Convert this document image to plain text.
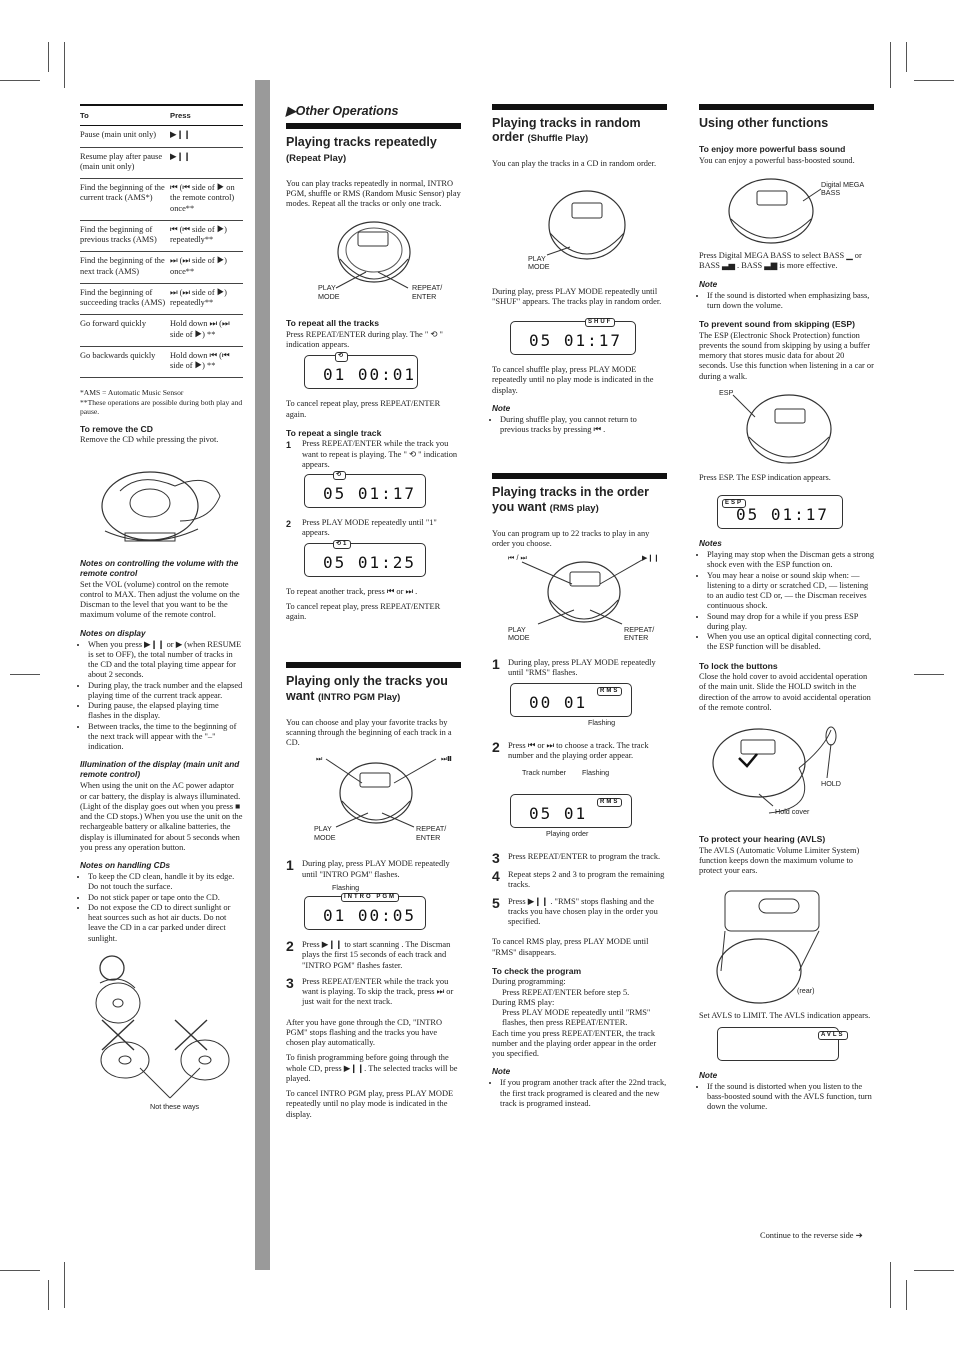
To	Press
Pause (main unit only)	▶❙❙
Resume play after pause (main unit only)	▶❙❙
Find the beginning of the current track (AMS*)	⏮ (⏮ side of ▶ on the remote control) once**
Find the beginning of previous tracks (AMS)	⏮ (⏮ side of ▶) repeatedly**
Find the beginning of the next track (AMS)	⏭ (⏭ side of ▶) once**
Find the beginning of succeeding tracks (AMS)	⏭ (⏭ side of ▶) repeatedly**
Go forward quickly	Hold down ⏭ (⏭ side of ▶) **
Go backwards quickly	Hold down ⏮ (⏮ side of ▶) **

*AMS = Automatic Music Sensor

**These operations are possible during both play and pause.

To remove the CD

Remove the CD while pressing the pivot.

Notes on controlling the volume with the remote control

Set the VOL (volume) control on the remote control to MAX. Then adjust the volume on the Discman to the level that you want to be the maximum volume of the remote control.

Notes on display
• When you press ▶❙❙ or ▶ (when RESUME is set to OFF), the total number of tracks in the CD and the total playing time appear for about 2 seconds.
• During play, the track number and the elapsed playing time of the current track appear.
• During pause, the elapsed playing time flashes in the display.
• Between tracks, the time to the beginning of the next track will appear with the "–" indication.
Illumination of the display (main unit and remote control)

When using the unit on the AC power adaptor or car battery, the display is always illuminated. (Light of the display goes out when you press ■ and the CD stops.) When you use the unit on the rechargeable battery or alkaline batteries, the display is illuminated for about 5 seconds when you press any operation button.

Notes on handling CDs
• To keep the CD clean, handle it by its edge. Do not touch the surface.
• Do not stick paper or tape onto the CD.
• Do not expose the CD to direct sunlight or heat sources such as hot air ducts. Do not leave the CD in a car parked under direct sunlight.
Not these ways
▶Other Operations
Playing tracks repeatedly
(Repeat Play)

You can play tracks repeatedly in normal, INTRO PGM, shuffle or RMS (Random Music Sensor) play modes. Repeat all the tracks or only one track.

PLAY MODE
REPEAT/ ENTER
To repeat all the tracks

Press REPEAT/ENTER during play. The " ⟲ " indication appears.

⟲
01 00:01

To cancel repeat play, press REPEAT/ENTER again.

To repeat a single track
1	Press REPEAT/ENTER while the track you want to repeat is playing. The " ⟲ " indication appears.
⟲
05 01:17
2	Press PLAY MODE repeatedly until "1" appears.
⟲1
05 01:25

To repeat another track, press ⏮ or ⏭ .

To cancel repeat play, press REPEAT/ENTER again.

Playing only the tracks you want (INTRO PGM Play)

You can choose and play your favorite tracks by scanning through the beginning of each track in a CD.

⏭	⏭❙❙
PLAY MODE
REPEAT/ ENTER
1 During play, press PLAY MODE repeatedly until "INTRO PGM" flashes.
Flashing
INTRO PGM
01 00:05
2 Press ▶❙❙ to start scanning . The Discman plays the first 15 seconds of each track and "INTRO PGM" flashes faster.
3 Press REPEAT/ENTER while the track you want is playing. To skip the track, press ⏭ or just wait for the next track.

After you have gone through the CD, "INTRO PGM" stops flashing and the tracks you have chosen play automatically.

To finish programming before going through the whole CD, press ▶❙❙. The selected tracks will be played.

To cancel INTRO PGM play, press PLAY MODE repeatedly until no play mode is indicated in the display.

Playing tracks in random order (Shuffle Play)

You can play the tracks in a CD in random order.

PLAY MODE

During play, press PLAY MODE repeatedly until "SHUF" appears. The tracks play in random order.

SHUF
05 01:17

To cancel shuffle play, press PLAY MODE repeatedly until no play mode is indicated in the display.

Note
• During shuffle play, you cannot return to previous tracks by pressing ⏮ .
Playing tracks in the order you want (RMS play)

You can program up to 22 tracks to play in any order you choose.

⏮ / ⏭	▶❙❙
PLAY MODE
REPEAT/ ENTER
1 During play, press PLAY MODE repeatedly until "RMS" flashes.
RMS
00 01
Flashing
2 Press ⏮ or ⏭ to choose a track. The track number and the playing order appear.
Track number	Flashing
RMS
05 01
Playing order
3 Press REPEAT/ENTER to program the track.
4 Repeat steps 2 and 3 to program the remaining tracks.
5 Press ▶❙❙ . "RMS" stops flashing and the tracks you have chosen play in the order you specified.

To cancel RMS play, press PLAY MODE until "RMS" disappears.

To check the program
During programming:
Press REPEAT/ENTER before step 5.
During RMS play:
Press PLAY MODE repeatedly until "RMS" flashes, then press REPEAT/ENTER.

Each time you press REPEAT/ENTER, the track number and the playing order appear in the order you specified.

Note
• If you program another track after the 22nd track, the first track programed is cleared and the new track is programed instead.
Using other functions
To enjoy more powerful bass sound

You can enjoy a powerful bass-boosted sound.

Digital MEGA BASS

Press Digital MEGA BASS to select BASS ▁ or BASS ▃▅ . BASS ▃▆ is more effective.

Note
• If the sound is distorted when emphasizing bass, turn down the volume.
To prevent sound from skipping (ESP)

The ESP (Electronic Shock Protection) function prevents the sound from skipping by using a buffer memory that stores music data for about 20 seconds. Use this function when listening in a car or during a walk.

ESP

Press ESP. The ESP indication appears.

ESP
05 01:17
Notes
• Playing may stop when the Discman gets a strong shock even with the ESP function on.
• You may hear a noise or sound skip when: — listening to a dirty or scratched CD, — listening to an audio test CD or, — the Discman receives continuous shock.
• Sound may drop for a while if you press ESP during play.
• When you use an optical digital connecting cord, the ESP function will be disabled.
To lock the buttons

Close the hold cover to avoid accidental operation of the main unit. Slide the HOLD switch in the direction of the arrow to avoid accidental operation of the remote control.

HOLD
Hold cover
To protect your hearing (AVLS)

The AVLS (Automatic Volume Limiter System) function keeps down the maximum volume to protect your ears.

(rear)

Set AVLS to LIMIT. The AVLS indication appears.

AVLS
Note
• If the sound is distorted when you listen to the bass-boosted sound with the AVLS function, turn down the volume.
Continue to the reverse side ➔
